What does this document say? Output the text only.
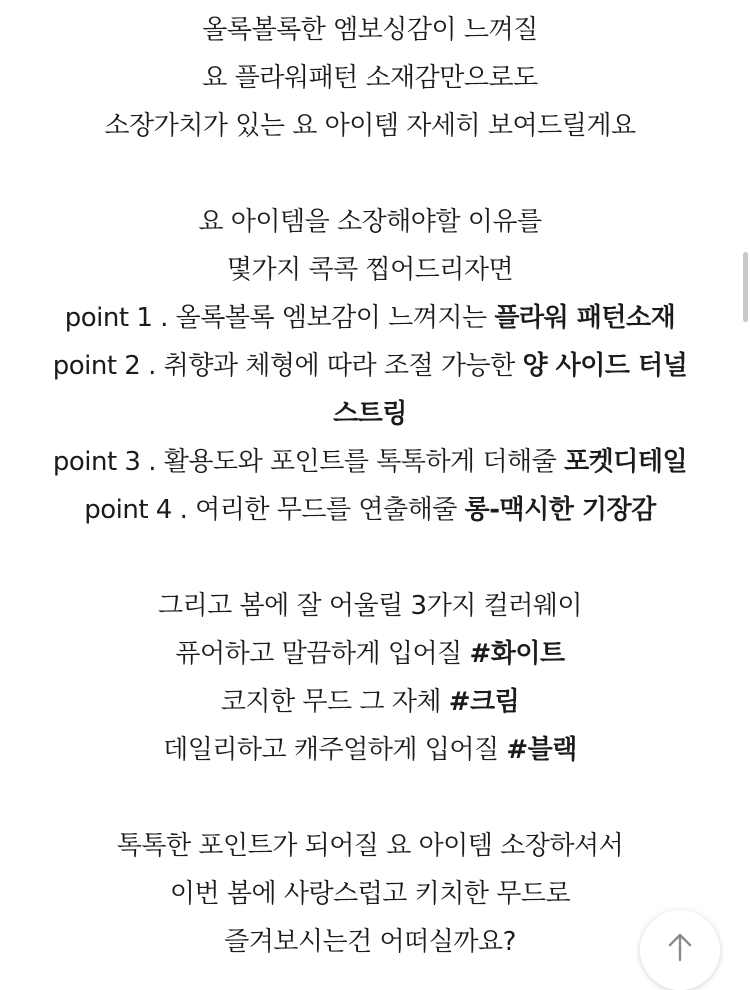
올록볼록한 엠보싱감이 느껴질
요 플라워패턴 소재감만으로도
소장가치가 있는 요 아이템 자세히 보여드릴게요
요 아이템을 소장해야할 이유를
몇가지 콕콕 찝어드리자면
point 1 . 올록볼록 엠보감이 느껴지는 플라워 패턴소재
point 2 . 취향과 체형에 따라 조절 가능한 양 사이드 터널
스트링
point 3 . 활용도와 포인트를 톡톡하게 더해줄 포켓디테일
point 4 . 여리한 무드를 연출해줄 롱-맥시한 기장감
그리고 봄에 잘 어울릴 3가지 컬러웨이
퓨어하고 말끔하게 입어질 #화이트
코지한 무드 그 자체 #크림
데일리하고 캐주얼하게 입어질 #블랙
톡톡한 포인트가 되어질 요 아이템 소장하셔서
이번 봄에 사랑스럽고 키치한 무드로
즐겨보시는건 어떠실까요?
